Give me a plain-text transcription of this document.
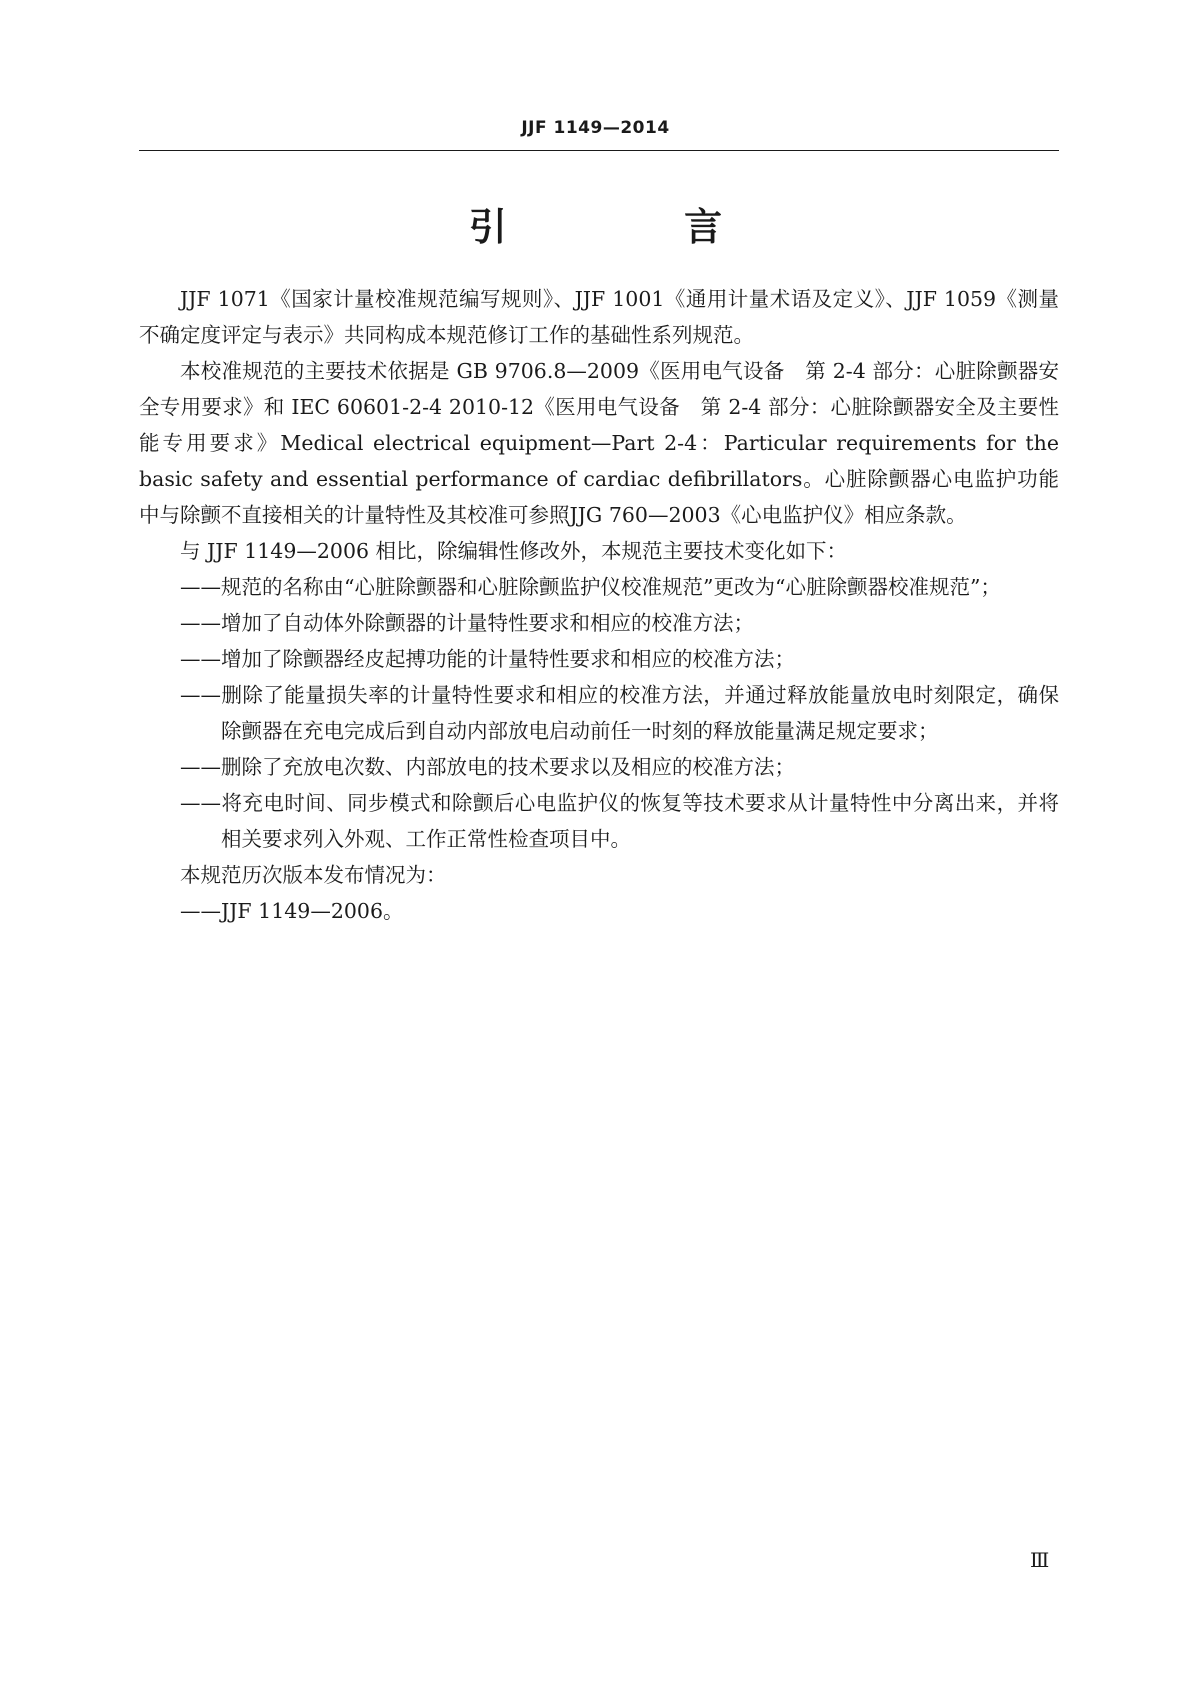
JJF 1149—2014
引 言

JJF 1071《国家计量校准规范编写规则》、JJF 1001《通用计量术语及定义》、JJF 1059《测量不确定度评定与表示》共同构成本规范修订工作的基础性系列规范。

本校准规范的主要技术依据是 GB 9706.8—2009《医用电气设备　第 2-4 部分：心脏除颤器安全专用要求》和 IEC 60601-2-4 2010-12《医用电气设备　第 2-4 部分：心脏除颤器安全及主要性能专用要求》Medical electrical equipment—Part 2-4：Particular requirements for the basic safety and essential performance of cardiac defibrillators。心脏除颤器心电监护功能中与除颤不直接相关的计量特性及其校准可参照JJG 760—2003《心电监护仪》相应条款。

与 JJF 1149—2006 相比，除编辑性修改外，本规范主要技术变化如下：

——规范的名称由“心脏除颤器和心脏除颤监护仪校准规范”更改为“心脏除颤器校准规范”；

——增加了自动体外除颤器的计量特性要求和相应的校准方法；

——增加了除颤器经皮起搏功能的计量特性要求和相应的校准方法；

——删除了能量损失率的计量特性要求和相应的校准方法，并通过释放能量放电时刻限定，确保除颤器在充电完成后到自动内部放电启动前任一时刻的释放能量满足规定要求；

——删除了充放电次数、内部放电的技术要求以及相应的校准方法；

——将充电时间、同步模式和除颤后心电监护仪的恢复等技术要求从计量特性中分离出来，并将相关要求列入外观、工作正常性检查项目中。

本规范历次版本发布情况为：

——JJF 1149—2006。

Ⅲ
